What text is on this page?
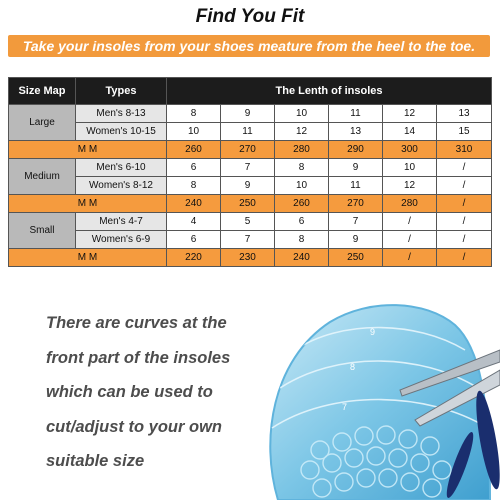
Find You Fit
Take your insoles from your shoes meature from the heel to the toe.
Size Map	Types	The Lenth of insoles					
Large	Men's 8-13	8	9	10	11	12	13
	Women's 10-15	10	11	12	13	14	15
M M		260	270	280	290	300	310
Medium	Men's 6-10	6	7	8	9	10	/
	Women's 8-12	8	9	10	11	12	/
M M		240	250	260	270	280	/
Small	Men's 4-7	4	5	6	7	/	/
	Women's 6-9	6	7	8	9	/	/
M M		220	230	240	250	/	/
There are curves at the
front part of the insoles
which can be used to
cut/adjust to your own
suitable size
9
8
7
